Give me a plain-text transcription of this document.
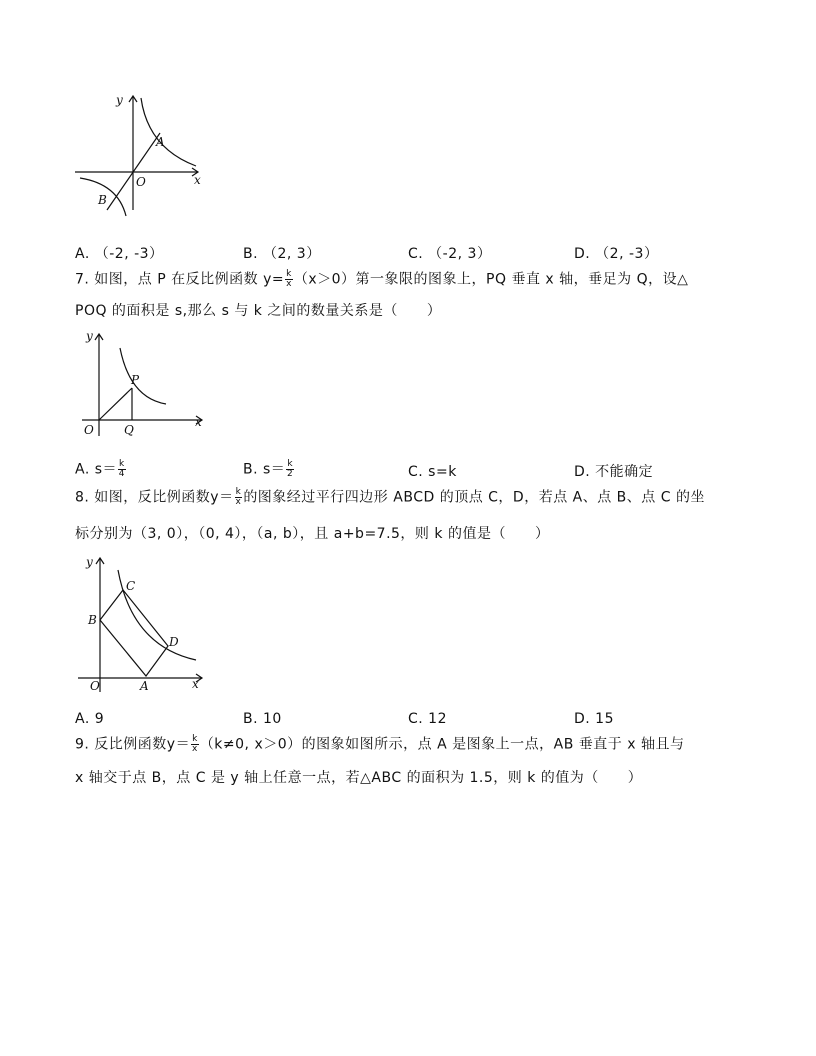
y
x
O
A
B
A. （-2, -3）	B. （2, 3）	C. （-2, 3）	D. （2, -3）
7. 如图，点 P 在反比例函数 $y= \frac{k}{x} (x>0)$第一象限的图象上，PQ 垂直 x 轴，垂足为 Q，设△
POQ 的面积是 s,那么 s 与 k 之间的数量关系是（　　）
y
x
O
P
Q
A. $s= \frac{k}{4}$	B. $s= \frac{k}{2}$	C. s=k	D. 不能确定
8. 如图，反比例函数$y= \frac{k}{x}$ 的图象经过平行四边形 ABCD 的顶点 C，D，若点 A、点 B、点 C 的坐
标分别为（3, 0），（0, 4），（a, b），且 a+b=7.5，则 k 的值是（　　）
y
x
O	A
B
C
D
A. 9	B. 10	C. 12	D. 15
9. 反比例函数$y= \frac{k}{x} (k\ne 0$, x＞0）的图象如图所示，点 A 是图象上一点，AB 垂直于 x 轴且与
x 轴交于点 B，点 C 是 y 轴上任意一点，若△ABC 的面积为 1.5，则 k 的值为（　　）
